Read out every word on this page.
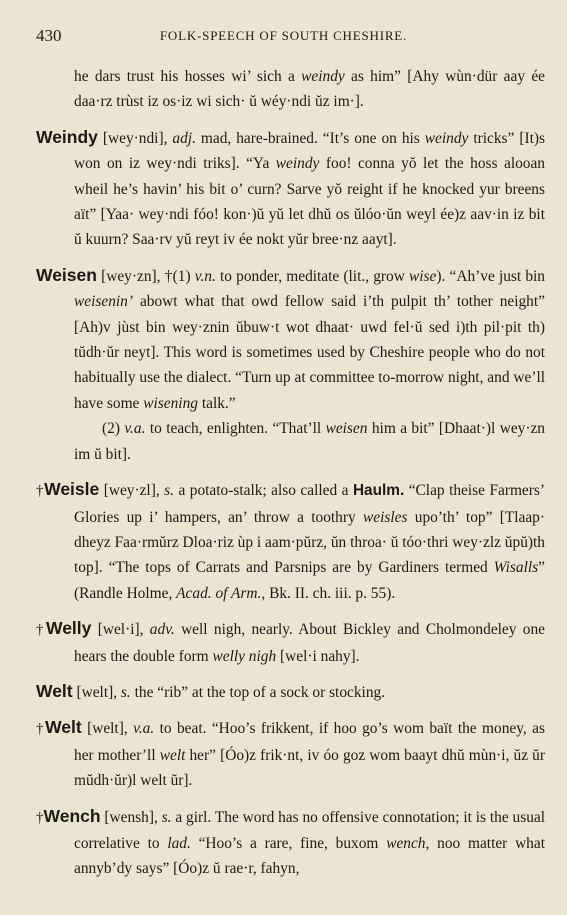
430	FOLK-SPEECH OF SOUTH CHESHIRE.

he dars trust his hosses wi’ sich a weindy as him” [Ahy wùn·dür aay ée daa·rz trùst iz os·iz wi sich· ŭ wéy·ndi ŭz im·].

Weindy [wey·ndi], adj. mad, hare-brained. “It’s one on his weindy tricks” [It)s won on iz wey·ndi triks]. “Ya weindy foo! conna yŏ let the hoss alooan wheil he’s havin’ his bit o’ curn? Sarve yŏ reight if he knocked yur breens aït” [Yaa· wey·ndi fóo! kon·)ŭ yŭ let dhŭ os ŭlóo·ŭn weyl ée)z aav·in iz bit ŭ kuurn? Saa·rv yŭ reyt iv ée nokt yŭr bree·nz aayt].

Weisen [wey·zn], †(1) v.n. to ponder, meditate (lit., grow wise). “Ah’ve just bin weisenin’ abowt what that owd fellow said i’th pulpit th’ tother neight” [Ah)v jùst bin wey·znin ŭbuw·t wot dhaat· uwd fel·ŭ sed i)th pil·pit th) tŭdh·ŭr neyt]. This word is sometimes used by Cheshire people who do not habitually use the dialect. “Turn up at committee to-morrow night, and we’ll have some wisening talk.”

(2) v.a. to teach, enlighten. “That’ll weisen him a bit” [Dhaat·)l wey·zn im ŭ bit].

†Weisle [wey·zl], s. a potato-stalk; also called a Haulm. “Clap theise Farmers’ Glories up i’ hampers, an’ throw a toothry weisles upo’th’ top” [Tlaap· dheyz Faa·rmŭrz Dloa·riz ùp i aam·pŭrz, ŭn throa· ŭ tóo·thri wey·zlz ŭpŭ)th top]. “The tops of Carrats and Parsnips are by Gardiners termed Wisalls” (Randle Holme, Acad. of Arm., Bk. II. ch. iii. p. 55).

†Welly [wel·i], adv. well nigh, nearly. About Bickley and Cholmondeley one hears the double form welly nigh [wel·i nahy].

Welt [welt], s. the “rib” at the top of a sock or stocking.

†Welt [welt], v.a. to beat. “Hoo’s frikkent, if hoo go’s wom baït the money, as her mother’ll welt her” [Óo)z frik·nt, iv óo goz wom baayt dhŭ mùn·i, ŭz ŭr mŭdh·ŭr)l welt ŭr].

†Wench [wensh], s. a girl. The word has no offensive connotation; it is the usual correlative to lad. “Hoo’s a rare, fine, buxom wench, noo matter what annyb’dy says” [Óo)z ŭ rae·r, fahyn,
